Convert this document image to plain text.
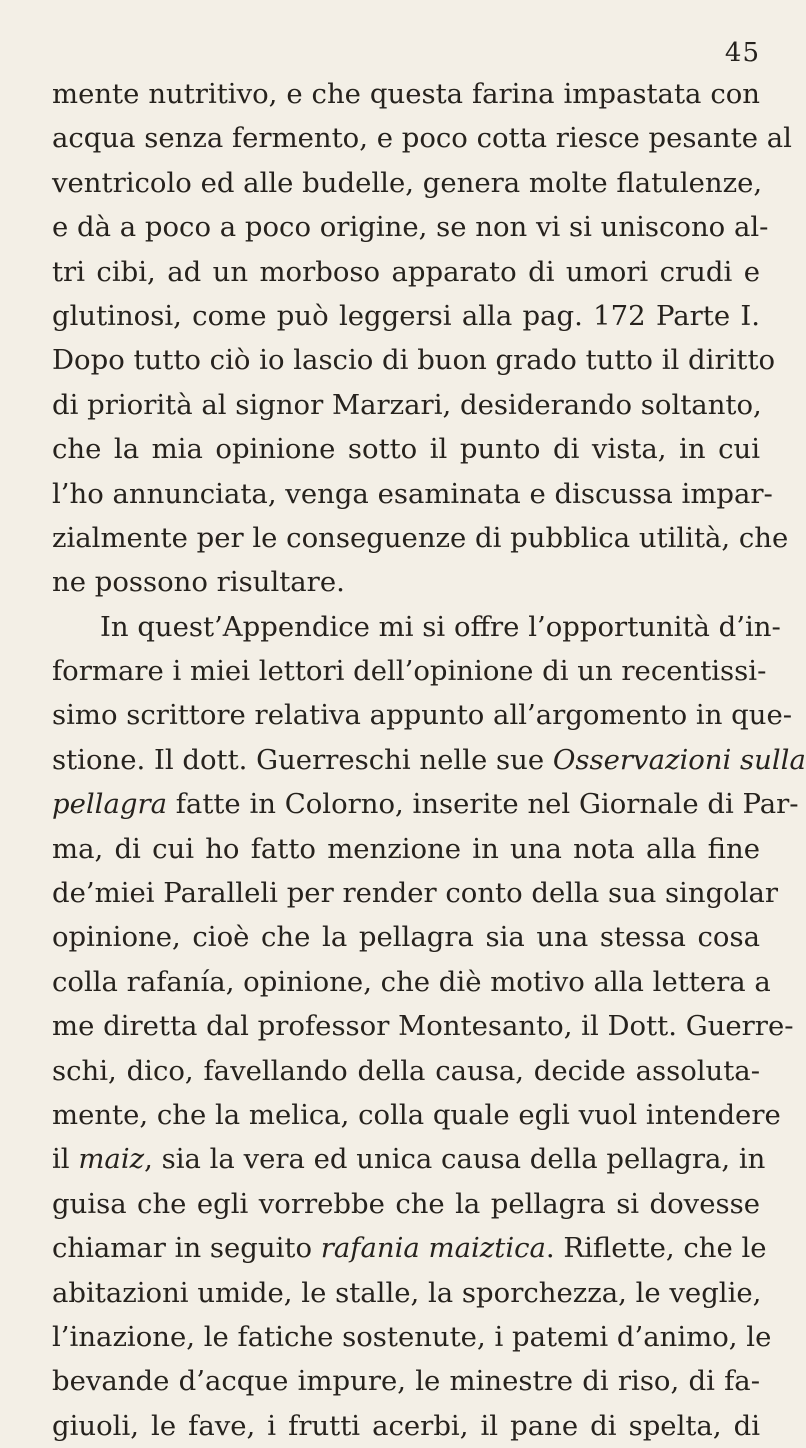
45
mente nutritivo, e che questa farina impastata con
acqua senza fermento, e poco cotta riesce pesante al
ventricolo ed alle budelle, genera molte flatulenze,
e dà a poco a poco origine, se non vi si uniscono al-
tri cibi, ad un morboso apparato di umori crudi e
glutinosi, come può leggersi alla pag. 172 Parte I.
Dopo tutto ciò io lascio di buon grado tutto il diritto
di priorità al signor Marzari, desiderando soltanto,
che la mia opinione sotto il punto di vista, in cui
l’ho annunciata, venga esaminata e discussa impar-
zialmente per le conseguenze di pubblica utilità, che
ne possono risultare.
In quest’Appendice mi si offre l’opportunità d’in-
formare i miei lettori dell’opinione di un recentissi-
simo scrittore relativa appunto all’argomento in que-
stione. Il dott. Guerreschi nelle sue Osservazioni sulla
pellagra fatte in Colorno, inserite nel Giornale di Par-
ma, di cui ho fatto menzione in una nota alla fine
de’miei Paralleli per render conto della sua singolar
opinione, cioè che la pellagra sia una stessa cosa
colla rafanía, opinione, che diè motivo alla lettera a
me diretta dal professor Montesanto, il Dott. Guerre-
schi, dico, favellando della causa, decide assoluta-
mente, che la melica, colla quale egli vuol intendere
il maiz, sia la vera ed unica causa della pellagra, in
guisa che egli vorrebbe che la pellagra si dovesse
chiamar in seguito rafania maiztica. Riflette, che le
abitazioni umide, le stalle, la sporchezza, le veglie,
l’inazione, le fatiche sostenute, i patemi d’animo, le
bevande d’acque impure, le minestre di riso, di fa-
giuoli, le fave, i frutti acerbi, il pane di spelta, di
